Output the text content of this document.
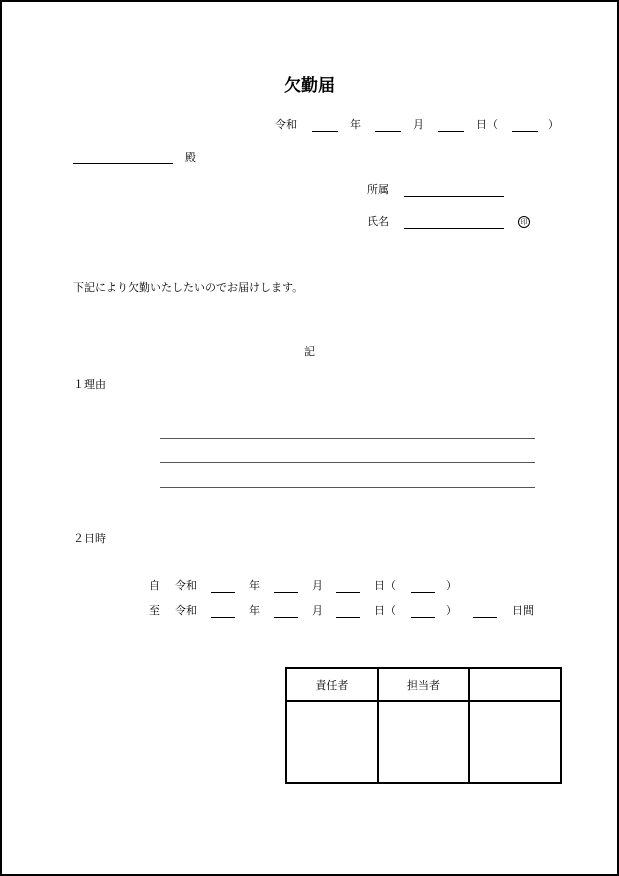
欠勤届
令和	年	月	日（	）
殿
所属
氏名	印
下記により欠勤いたしたいのでお届けします。
記
１理由
２日時
自 令和	年	月	日（	）
至 令和	年	月	日（	）	日間
責任者	担当者	
